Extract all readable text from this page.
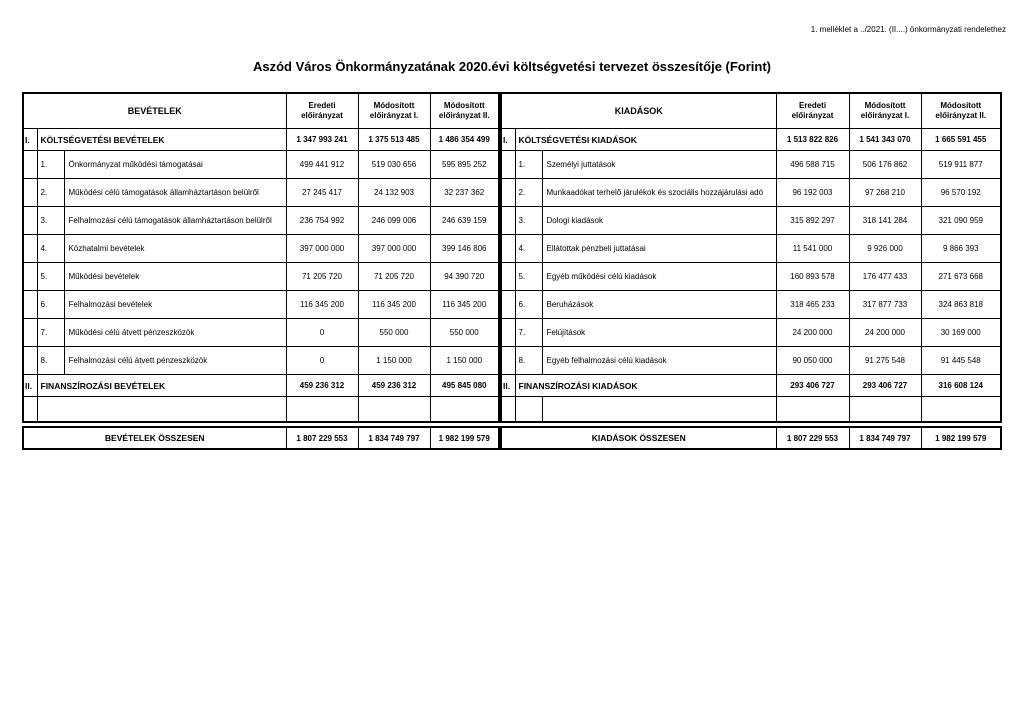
1. melléklet a ../2021. (II....) önkormányzati rendelethez
Aszód Város Önkormányzatának 2020.évi költségvetési tervezet összesítője (Forint)
BEVÉTELEK			Eredeti előirányzat	Módosított előirányzat I.	Módosított előirányzat II.
I.	KÖLTSÉGVETÉSI BEVÉTELEK		1 347 993 241	1 375 513 485	1 486 354 499
	1.	Önkormányzat működési támogatásai	499 441 912	519 030 656	595 895 252
	2.	Működési célú támogatások államháztartáson belülről	27 245 417	24 132 903	32 237 362
	3.	Felhalmozási célú támogatások államháztartáson belülről	236 754 992	246 099 006	246 639 159
	4.	Közhatalmi bevételek	397 000 000	397 000 000	399 146 806
	5.	Működési bevételek	71 205 720	71 205 720	94 390 720
	6.	Felhalmozási bevételek	116 345 200	116 345 200	116 345 200
	7.	Működési célú átvett pénzeszközök	0	550 000	550 000
	8.	Felhalmozási célú átvett pénzeszközök	0	1 150 000	1 150 000
II.	FINANSZÍROZÁSI BEVÉTELEK		459 236 312	459 236 312	495 845 080

BEVÉTELEK ÖSSZESEN	1 807 229 553	1 834 749 797	1 982 199 579
KIADÁSOK			Eredeti előirányzat	Módosított előirányzat I.	Módosított előirányzat II.
I.	KÖLTSÉGVETÉSI KIADÁSOK		1 513 822 826	1 541 343 070	1 665 591 455
	1.	Személyi juttatások	496 588 715	506 176 862	519 911 877
	2.	Munkaadókat terhelő járulékok és szociális hozzájárulási adó	96 192 003	97 268 210	96 570 192
	3.	Dologi kiadások	315 892 297	318 141 284	321 090 959
	4.	Ellátottak pénzbeli juttatásai	11 541 000	9 926 000	9 866 393
	5.	Egyéb működési célú kiadások	160 893 578	176 477 433	271 673 668
	6.	Beruházások	318 465 233	317 877 733	324 863 818
	7.	Felújítások	24 200 000	24 200 000	30 169 000
	8.	Egyéb felhalmozási célú kiadások	90 050 000	91 275 548	91 445 548
II.	FINANSZÍROZÁSI KIADÁSOK		293 406 727	293 406 727	316 608 124

KIADÁSOK ÖSSZESEN	1 807 229 553	1 834 749 797	1 982 199 579
